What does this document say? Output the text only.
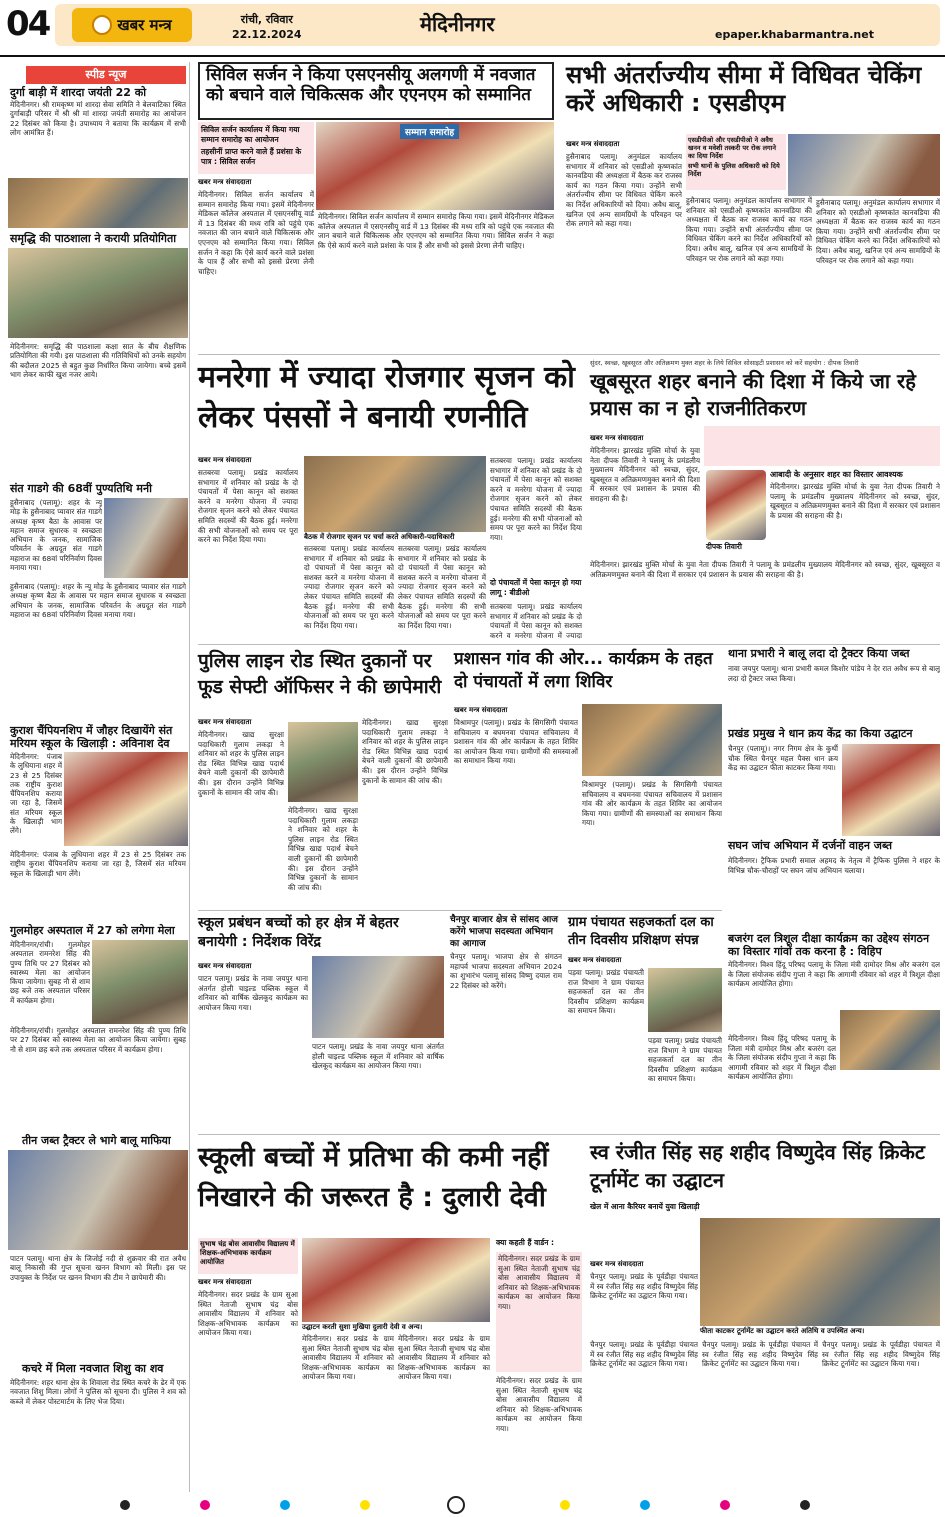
04	खबर मन्त्र	रांची, रविवार
22.12.2024	मेदिनीनगर	epaper.khabarmantra.net
स्पीड न्यूज
दुर्गा बाड़ी में शारदा जयंती 22 को
मेदिनीनगर। श्री रामकृष्ण मां शारदा सेवा समिति ने बेलवाटिका स्थित दुर्गाबाड़ी परिसर में श्री श्री मां शारदा जयंती समारोह का आयोजन 22 दिसंबर को किया है। उपाध्याय ने बताया कि कार्यक्रम में सभी लोग आमंत्रित हैं।
समृद्धि की पाठशाला ने करायी प्रतियोगिता
मेदिनीनगर: समृद्धि की पाठशाला कक्षा सात के बीच शैक्षणिक प्रतियोगिता की गयी। इस पाठशाला की गतिविधियों को उनके सहयोग की बदौलत 2025 से बहुत कुछ निर्धारित किया जायेगा। बच्चे इसमें भाग लेकर काफी खुश नजर आये।
संत गाडगे की 68वीं पुण्यतिथि मनी
हुसैनाबाद (पलामू): शहर के न्यू मोड़ के हुसैनाबाद प्यावार संत गाडगे अध्यक्ष कृष्ण बैठा के आवास पर महान समाज सुधारक व स्वच्छता अभियान के जनक, सामाजिक परिवर्तन के अग्रदूत संत गाडगे महाराज का 68वां परिनिर्वाण दिवस मनाया गया।
हुसैनाबाद (पलामू): शहर के न्यू मोड़ के हुसैनाबाद प्यावार संत गाडगे अध्यक्ष कृष्ण बैठा के आवास पर महान समाज सुधारक व स्वच्छता अभियान के जनक, सामाजिक परिवर्तन के अग्रदूत संत गाडगे महाराज का 68वां परिनिर्वाण दिवस मनाया गया।
कुराश चैंपियनशिप में जौहर दिखायेंगे संत मरियम स्कूल के खिलाड़ी : अविनाश देव
मेदिनीनगर: पंजाब के लुधियाना शहर में 23 से 25 दिसंबर तक राष्ट्रीय कुराश चैंपियनशिप कराया जा रहा है, जिसमें संत मरियम स्कूल के खिलाड़ी भाग लेंगे।
मेदिनीनगर: पंजाब के लुधियाना शहर में 23 से 25 दिसंबर तक राष्ट्रीय कुराश चैंपियनशिप कराया जा रहा है, जिसमें संत मरियम स्कूल के खिलाड़ी भाग लेंगे।
गुलमोहर अस्पताल में 27 को लगेगा मेला
मेदिनीनगर/रांची। गुलमोहर अस्पताल रामनरेश सिंह की पुण्य तिथि पर 27 दिसंबर को स्वास्थ्य मेला का आयोजन किया जायेगा। सुबह नौ से शाम छह बजे तक अस्पताल परिसर में कार्यक्रम होगा।
मेदिनीनगर/रांची। गुलमोहर अस्पताल रामनरेश सिंह की पुण्य तिथि पर 27 दिसंबर को स्वास्थ्य मेला का आयोजन किया जायेगा। सुबह नौ से शाम छह बजे तक अस्पताल परिसर में कार्यक्रम होगा।
तीन जब्त ट्रैक्टर ले भागे बालू माफिया
पाटन पलामू। थाना क्षेत्र के जिजोई नदी से शुक्रवार की रात अवैध बालू निकासी की गुप्त सूचना खनन विभाग को मिली। इस पर उपायुक्त के निर्देश पर खनन विभाग की टीम ने छापेमारी की।
कचरे में मिला नवजात शिशु का शव
मेदिनीनगर: शहर थाना क्षेत्र के शिवाला रोड स्थित कचरे के ढेर में एक नवजात शिशु मिला। लोगों ने पुलिस को सूचना दी। पुलिस ने शव को कब्जे में लेकर पोस्टमार्टम के लिए भेज दिया।
सिविल सर्जन ने किया एसएनसीयू अलगणी में नवजात को बचाने वाले चिकित्सक और एएनएम को सम्मानित
सिविल सर्जन कार्यालय में किया गया सम्मान समारोह का आयोजन
तहसीनीं प्राप्त करने वाले हैं प्रशंसा के पात्र : सिविल सर्जन
सम्मान समारोह
खबर मन्त्र संवाददाता
मेदिनीनगर। सिविल सर्जन कार्यालय में सम्मान समारोह किया गया। इसमें मेदिनीनगर मेडिकल कॉलेज अस्पताल में एसएनसीयू वार्ड में 13 दिसंबर की मध्य रात्रि को पहुंचे एक नवजात की जान बचाने वाले चिकित्सक और एएनएम को सम्मानित किया गया। सिविल सर्जन ने कहा कि ऐसे कार्य करने वाले प्रशंसा के पात्र हैं और सभी को इससे प्रेरणा लेनी चाहिए।
मेदिनीनगर। सिविल सर्जन कार्यालय में सम्मान समारोह किया गया। इसमें मेदिनीनगर मेडिकल कॉलेज अस्पताल में एसएनसीयू वार्ड में 13 दिसंबर की मध्य रात्रि को पहुंचे एक नवजात की जान बचाने वाले चिकित्सक और एएनएम को सम्मानित किया गया। सिविल सर्जन ने कहा कि ऐसे कार्य करने वाले प्रशंसा के पात्र हैं और सभी को इससे प्रेरणा लेनी चाहिए।
सभी अंतर्राज्यीय सीमा में विधिवत चेकिंग करें अधिकारी : एसडीएम
खबर मन्त्र संवाददाता
हुसैनाबाद पलामू। अनुमंडल कार्यालय सभागार में शनिवार को एसडीओ कृष्णकांत कानवडिया की अध्यक्षता में बैठक कर राजस्व कार्य का गठन किया गया। उन्होंने सभी अंतर्राज्यीय सीमा पर विधिवत चेकिंग करने का निर्देश अधिकारियों को दिया। अवैध बालू, खनिज एवं अन्य सामग्रियों के परिवहन पर रोक लगाने को कहा गया।
एसडीपीओ और एसडीपीओ ने अवैध खनन व मवेशी तस्करी पर रोक लगाने का दिया निर्देश
सभी थानों के पुलिस अधिकारी को दिये निर्देश
हुसैनाबाद पलामू। अनुमंडल कार्यालय सभागार में शनिवार को एसडीओ कृष्णकांत कानवडिया की अध्यक्षता में बैठक कर राजस्व कार्य का गठन किया गया। उन्होंने सभी अंतर्राज्यीय सीमा पर विधिवत चेकिंग करने का निर्देश अधिकारियों को दिया। अवैध बालू, खनिज एवं अन्य सामग्रियों के परिवहन पर रोक लगाने को कहा गया।
हुसैनाबाद पलामू। अनुमंडल कार्यालय सभागार में शनिवार को एसडीओ कृष्णकांत कानवडिया की अध्यक्षता में बैठक कर राजस्व कार्य का गठन किया गया। उन्होंने सभी अंतर्राज्यीय सीमा पर विधिवत चेकिंग करने का निर्देश अधिकारियों को दिया। अवैध बालू, खनिज एवं अन्य सामग्रियों के परिवहन पर रोक लगाने को कहा गया।
मनरेगा में ज्यादा रोजगार सृजन को लेकर पंससों ने बनायी रणनीति
खबर मन्त्र संवाददाता
सतबरवा पलामू। प्रखंड कार्यालय सभागार में शनिवार को प्रखंड के दो पंचायतों में पेसा कानून को सशक्त करने व मनरेगा योजना में ज्यादा रोजगार सृजन करने को लेकर पंचायत समिति सदस्यों की बैठक हुई। मनरेगा की सभी योजनाओं को समय पर पूरा करने का निर्देश दिया गया।	बैठक में रोजगार सृजन पर चर्चा करते अधिकारी-पदाधिकारी
सतबरवा पलामू। प्रखंड कार्यालय सभागार में शनिवार को प्रखंड के दो पंचायतों में पेसा कानून को सशक्त करने व मनरेगा योजना में ज्यादा रोजगार सृजन करने को लेकर पंचायत समिति सदस्यों की बैठक हुई। मनरेगा की सभी योजनाओं को समय पर पूरा करने का निर्देश दिया गया।
सतबरवा पलामू। प्रखंड कार्यालय सभागार में शनिवार को प्रखंड के दो पंचायतों में पेसा कानून को सशक्त करने व मनरेगा योजना में ज्यादा रोजगार सृजन करने को लेकर पंचायत समिति सदस्यों की बैठक हुई। मनरेगा की सभी योजनाओं को समय पर पूरा करने का निर्देश दिया गया।
सतबरवा पलामू। प्रखंड कार्यालय सभागार में शनिवार को प्रखंड के दो पंचायतों में पेसा कानून को सशक्त करने व मनरेगा योजना में ज्यादा रोजगार सृजन करने को लेकर पंचायत समिति सदस्यों की बैठक हुई। मनरेगा की सभी योजनाओं को समय पर पूरा करने का निर्देश दिया गया।
दो पंचायतों में पेसा कानून हो गया लागू : बीडीओ
सतबरवा पलामू। प्रखंड कार्यालय सभागार में शनिवार को प्रखंड के दो पंचायतों में पेसा कानून को सशक्त करने व मनरेगा योजना में ज्यादा
सुंदर, स्वच्छ, खूबसूरत और अतिक्रमण मुक्त शहर के लिये सिविल सोसाइटी प्रशासन को करें सहयोग : दीपक तिवारी
खूबसूरत शहर बनाने की दिशा में किये जा रहे प्रयास का न हो राजनीतिकरण
खबर मन्त्र संवाददाता
मेदिनीनगर। झारखंड मुक्ति मोर्चा के युवा नेता दीपक तिवारी ने पलामू के प्रमंडलीय मुख्यालय मेदिनीनगर को स्वच्छ, सुंदर, खूबसूरत व अतिक्रमणमुक्त बनाने की दिशा में सरकार एवं प्रशासन के प्रयास की सराहना की है।
दीपक तिवारी
आबादी के अनुसार शहर का विस्तार आवश्यक
मेदिनीनगर। झारखंड मुक्ति मोर्चा के युवा नेता दीपक तिवारी ने पलामू के प्रमंडलीय मुख्यालय मेदिनीनगर को स्वच्छ, सुंदर, खूबसूरत व अतिक्रमणमुक्त बनाने की दिशा में सरकार एवं प्रशासन के प्रयास की सराहना की है।
मेदिनीनगर। झारखंड मुक्ति मोर्चा के युवा नेता दीपक तिवारी ने पलामू के प्रमंडलीय मुख्यालय मेदिनीनगर को स्वच्छ, सुंदर, खूबसूरत व अतिक्रमणमुक्त बनाने की दिशा में सरकार एवं प्रशासन के प्रयास की सराहना की है।
पुलिस लाइन रोड स्थित दुकानों पर फूड सेफ्टी ऑफिसर ने की छापेमारी
खबर मन्त्र संवाददाता
मेदिनीनगर। खाद्य सुरक्षा पदाधिकारी गुलाम लकड़ा ने शनिवार को शहर के पुलिस लाइन रोड स्थित विभिन्न खाद्य पदार्थ बेचने वाली दुकानों की छापेमारी की। इस दौरान उन्होंने विभिन्न दुकानों के सामान की जांच की।
मेदिनीनगर। खाद्य सुरक्षा पदाधिकारी गुलाम लकड़ा ने शनिवार को शहर के पुलिस लाइन रोड स्थित विभिन्न खाद्य पदार्थ बेचने वाली दुकानों की छापेमारी की। इस दौरान उन्होंने विभिन्न दुकानों के सामान की जांच की।
मेदिनीनगर। खाद्य सुरक्षा पदाधिकारी गुलाम लकड़ा ने शनिवार को शहर के पुलिस लाइन रोड स्थित विभिन्न खाद्य पदार्थ बेचने वाली दुकानों की छापेमारी की। इस दौरान उन्होंने विभिन्न दुकानों के सामान की जांच की।
प्रशासन गांव की ओर... कार्यक्रम के तहत दो पंचायतों में लगा शिविर
खबर मन्त्र संवाददाता
विश्रामपुर (पलामू)। प्रखंड के सिगसिगी पंचायत सचिवालय व बघमनवा पंचायत सचिवालय में प्रशासन गांव की ओर कार्यक्रम के तहत शिविर का आयोजन किया गया। ग्रामीणों की समस्याओं का समाधान किया गया।
विश्रामपुर (पलामू)। प्रखंड के सिगसिगी पंचायत सचिवालय व बघमनवा पंचायत सचिवालय में प्रशासन गांव की ओर कार्यक्रम के तहत शिविर का आयोजन किया गया। ग्रामीणों की समस्याओं का समाधान किया गया।
थाना प्रभारी ने बालू लदा दो ट्रैक्टर किया जब्त
नावा जयपुर पलामू। थाना प्रभारी कमल किशोर पांडेय ने देर रात अवैध रूप से बालू लदा दो ट्रैक्टर जब्त किया।
प्रखंड प्रमुख ने धान क्रय केंद्र का किया उद्घाटन
चैनपुर (पलामू)। नगर निगम क्षेत्र के कुर्थी चौक स्थित चैनपुर महल पैक्स धान क्रय केंद्र का उद्घाटन फीता काटकर किया गया।
सघन जांच अभियान में दर्जनों वाहन जब्त
मेदिनीनगर। ट्रैफिक प्रभारी समाल अहमद के नेतृत्व में ट्रैफिक पुलिस ने शहर के विभिन्न चौक-चौराहों पर सघन जांच अभियान चलाया।
बजरंग दल त्रिशूल दीक्षा कार्यक्रम का उद्देश्य संगठन का विस्तार गांवों तक करना है : विहिप
मेदिनीनगर। विश्व हिंदू परिषद पलामू के जिला मंत्री दामोदर मिश्र और बजरंग दल के जिला संयोजक संदीप गुप्ता ने कहा कि आगामी रविवार को शहर में त्रिशूल दीक्षा कार्यक्रम आयोजित होगा।
मेदिनीनगर। विश्व हिंदू परिषद पलामू के जिला मंत्री दामोदर मिश्र और बजरंग दल के जिला संयोजक संदीप गुप्ता ने कहा कि आगामी रविवार को शहर में त्रिशूल दीक्षा कार्यक्रम आयोजित होगा।
स्कूल प्रबंधन बच्चों को हर क्षेत्र में बेहतर बनायेगी : निर्देशक विरेंद्र
खबर मन्त्र संवाददाता
पाटन पलामू। प्रखंड के नावा जयपुर थाना अंतर्गत होली चाइल्ड पब्लिक स्कूल में शनिवार को वार्षिक खेलकूद कार्यक्रम का आयोजन किया गया।
पाटन पलामू। प्रखंड के नावा जयपुर थाना अंतर्गत होली चाइल्ड पब्लिक स्कूल में शनिवार को वार्षिक खेलकूद कार्यक्रम का आयोजन किया गया।
चैनपुर बाजार क्षेत्र से सांसद आज करेंगे भाजपा सदस्यता अभियान का आगाज
चैनपुर पलामू। भाजपा क्षेत्र से संगठन महापर्व भाजपा सदस्यता अभियान 2024 का शुभारंभ पलामू सांसद विष्णु दयाल राम 22 दिसंबर को करेंगे।
ग्राम पंचायत सहजकर्ता दल का तीन दिवसीय प्रशिक्षण संपन्न
खबर मन्त्र संवाददाता
पड़वा पलामू। प्रखंड पंचायती राज विभाग ने ग्राम पंचायत सहजकर्ता दल का तीन दिवसीय प्रशिक्षण कार्यक्रम का समापन किया।
पड़वा पलामू। प्रखंड पंचायती राज विभाग ने ग्राम पंचायत सहजकर्ता दल का तीन दिवसीय प्रशिक्षण कार्यक्रम का समापन किया।
स्कूली बच्चों में प्रतिभा की कमी नहीं निखारने की जरूरत है : दुलारी देवी
सुभाष चंद्र बोस आवासीय विद्यालय में शिक्षक-अभिभावक कार्यक्रम आयोजित
खबर मन्त्र संवाददाता
मेदिनीनगर। सदर प्रखंड के ग्राम सुआ स्थित नेताजी सुभाष चंद्र बोस आवासीय विद्यालय में शनिवार को शिक्षक-अभिभावक कार्यक्रम का आयोजन किया गया।
उद्घाटन करती सुशा मुखिया दुलारी देवी व अन्य।
मेदिनीनगर। सदर प्रखंड के ग्राम सुआ स्थित नेताजी सुभाष चंद्र बोस आवासीय विद्यालय में शनिवार को शिक्षक-अभिभावक कार्यक्रम का आयोजन किया गया।
मेदिनीनगर। सदर प्रखंड के ग्राम सुआ स्थित नेताजी सुभाष चंद्र बोस आवासीय विद्यालय में शनिवार को शिक्षक-अभिभावक कार्यक्रम का आयोजन किया गया।
क्या कहती हैं वार्डन :
मेदिनीनगर। सदर प्रखंड के ग्राम सुआ स्थित नेताजी सुभाष चंद्र बोस आवासीय विद्यालय में शनिवार को शिक्षक-अभिभावक कार्यक्रम का आयोजन किया गया।
मेदिनीनगर। सदर प्रखंड के ग्राम सुआ स्थित नेताजी सुभाष चंद्र बोस आवासीय विद्यालय में शनिवार को शिक्षक-अभिभावक कार्यक्रम का आयोजन किया गया।
स्व रंजीत सिंह सह शहीद विष्णुदेव सिंह क्रिकेट टूर्नामेंट का उद्घाटन
खेल में आना कैरियर बनायें युवा खिलाड़ी
खबर मन्त्र संवाददाता
चैनपुर पलामू। प्रखंड के पूर्वडीहा पंचायत में स्व रंजीत सिंह सह शहीद विष्णुदेव सिंह क्रिकेट टूर्नामेंट का उद्घाटन किया गया।
फीता काटकर टूर्नामेंट का उद्घाटन करते अतिथि व उपस्थित अन्य।
चैनपुर पलामू। प्रखंड के पूर्वडीहा पंचायत में स्व रंजीत सिंह सह शहीद विष्णुदेव सिंह क्रिकेट टूर्नामेंट का उद्घाटन किया गया।
चैनपुर पलामू। प्रखंड के पूर्वडीहा पंचायत में स्व रंजीत सिंह सह शहीद विष्णुदेव सिंह क्रिकेट टूर्नामेंट का उद्घाटन किया गया।
चैनपुर पलामू। प्रखंड के पूर्वडीहा पंचायत में स्व रंजीत सिंह सह शहीद विष्णुदेव सिंह क्रिकेट टूर्नामेंट का उद्घाटन किया गया।
